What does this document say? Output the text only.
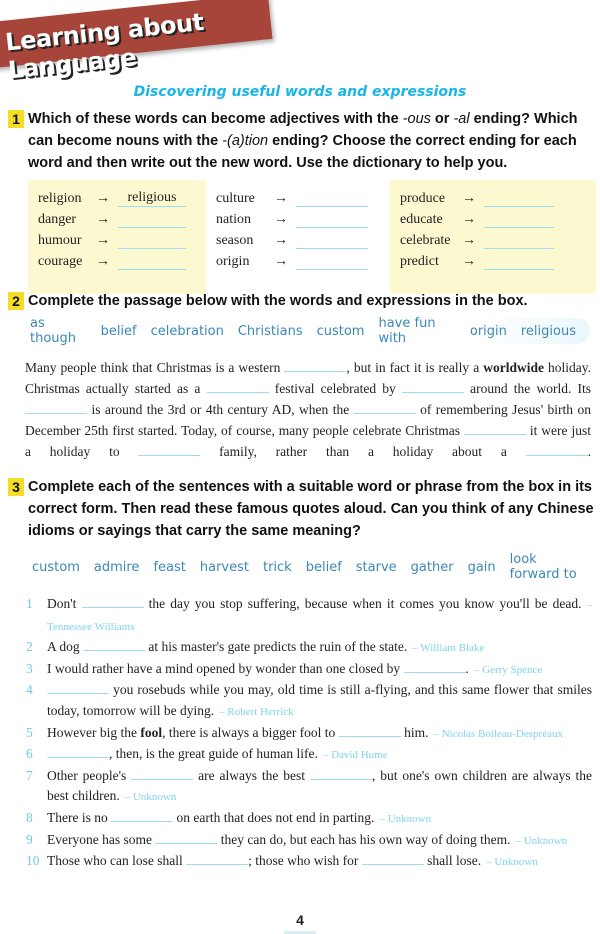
Learning about Language
Discovering useful words and expressions
1 Which of these words can become adjectives with the -ous or -al ending? Which can become nouns with the -(a)tion ending? Choose the correct ending for each word and then write out the new word. Use the dictionary to help you.
religion	→	religious
danger	→
humour	→
courage →
culture	→
nation	→
season	→
origin	→
produce	→
educate	→
celebrate →
predict	→
2 Complete the passage below with the words and expressions in the box.
as though	belief celebration Christians custom have fun with	origin religious
Many people think that Christmas is a western	, but in fact it is really a worldwide holiday. Christmas actually started as a	festival celebrated by	around the world. Its  is around the 3rd or 4th century AD, when the	of remembering Jesus' birth on December 25th first started. Today, of course, many people celebrate Christmas	it were just a holiday to	family, rather than a holiday about a	.
3 Complete each of the sentences with a suitable word or phrase from the box in its correct form. Then read these famous quotes aloud. Can you think of any Chinese idioms or sayings that carry the same meaning?
custom admire feast harvest trick belief starve gather gain look forward to
1 Don't	the day you stop suffering, because when it comes you know you'll be dead. – Tennessee Williams
2 A dog	at his master's gate predicts the ruin of the state. – William Blake
3 I would rather have a mind opened by wonder than one closed by	. – Gerry Spence
4	you rosebuds while you may, old time is still a-flying, and this same flower that smiles today, tomorrow will be dying. – Robert Herrick
5 However big the fool, there is always a bigger fool to	him. – Nicolas Boileau-Despréaux
6	, then, is the great guide of human life. – David Hume
7 Other people's	are always the best	, but one's own children are always the best children. – Unknown
8 There is no	on earth that does not end in parting. – Unknown
9 Everyone has some	they can do, but each has his own way of doing them. – Unknown
10 Those who can lose shall	; those who wish for	shall lose. – Unknown
4
